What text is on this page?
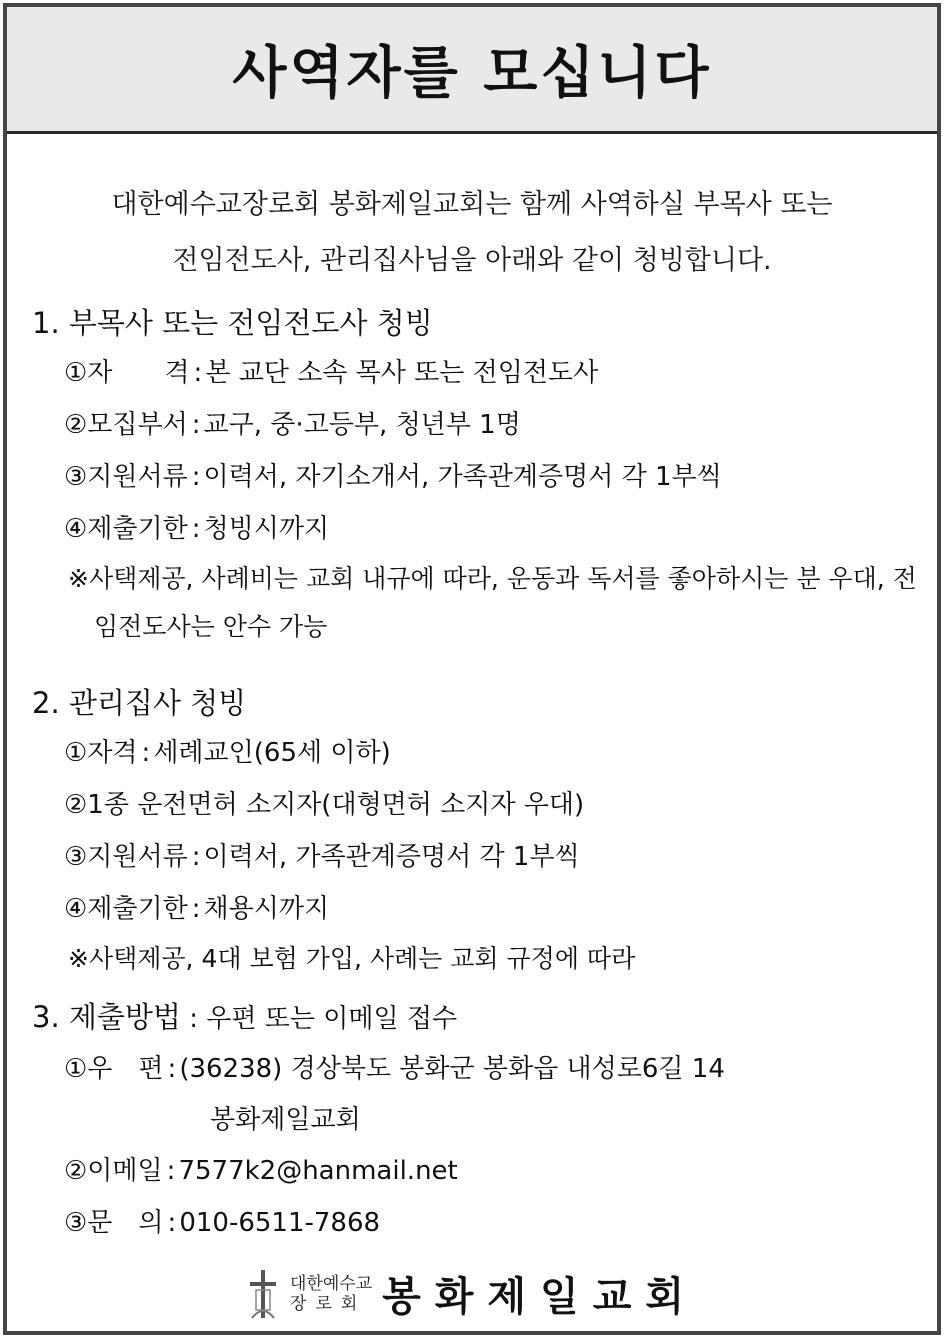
사역자를 모십니다
대한예수교장로회 봉화제일교회는 함께 사역하실 부목사 또는
전임전도사, 관리집사님을 아래와 같이 청빙합니다.
1. 부목사 또는 전임전도사 청빙
①자　　격 : 본 교단 소속 목사 또는 전임전도사
②모집부서 : 교구, 중·고등부, 청년부 1명
③지원서류 : 이력서, 자기소개서, 가족관계증명서 각 1부씩
④제출기한 : 청빙시까지
※사택제공, 사례비는 교회 내규에 따라, 운동과 독서를 좋아하시는 분 우대, 전임전도사는 안수 가능
2. 관리집사 청빙
①자격 : 세례교인(65세 이하)
②1종 운전면허 소지자(대형면허 소지자 우대)
③지원서류 : 이력서, 가족관계증명서 각 1부씩
④제출기한 : 채용시까지
※사택제공, 4대 보험 가입, 사례는 교회 규정에 따라
3. 제출방법 : 우편 또는 이메일 접수
①우　편 : (36238) 경상북도 봉화군 봉화읍 내성로6길 14
봉화제일교회
②이메일 : 7577k2@hanmail.net
③문　의 : 010-6511-7868
대한예수교
장로회 봉화제일교회
